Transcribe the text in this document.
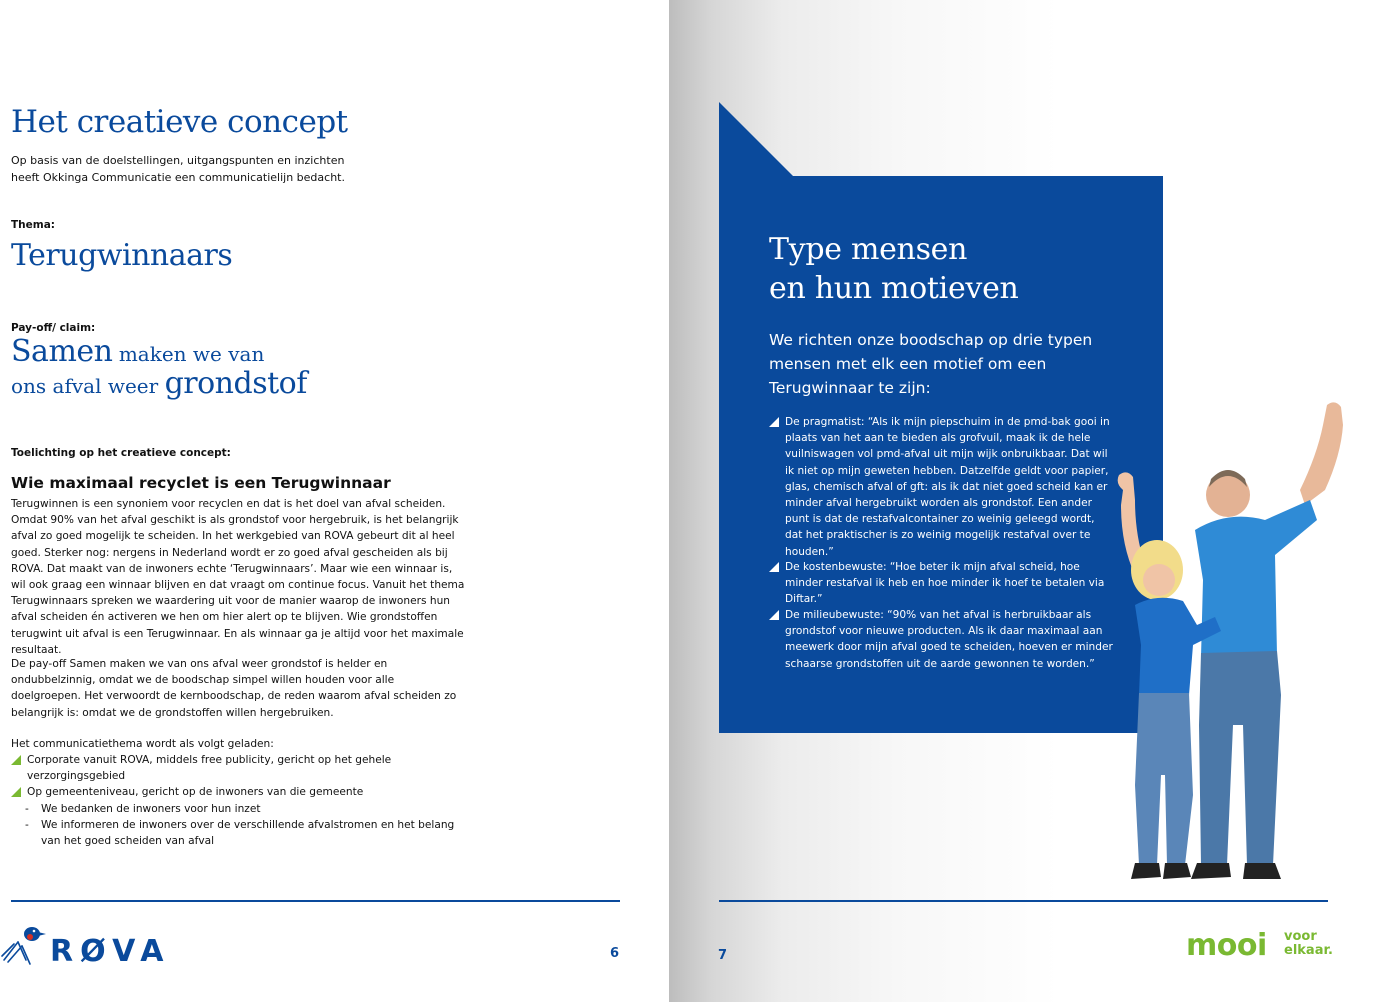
Het creatieve concept
Op basis van de doelstellingen, uitgangspunten en inzichten heeft Okkinga Communicatie een communicatielijn bedacht.
Thema:
Terugwinnaars
Pay-off/ claim:
Samen maken we van
ons afval weer grondstof
Toelichting op het creatieve concept:
Wie maximaal recyclet is een Terugwinnaar
Terugwinnen is een synoniem voor recyclen en dat is het doel van afval scheiden. Omdat 90% van het afval geschikt is als grondstof voor hergebruik, is het belangrijk afval zo goed mogelijk te scheiden. In het werkgebied van ROVA gebeurt dit al heel goed. Sterker nog: nergens in Nederland wordt er zo goed afval gescheiden als bij ROVA. Dat maakt van de inwoners echte ‘Terugwinnaars’. Maar wie een winnaar is, wil ook graag een winnaar blijven en dat vraagt om continue focus. Vanuit het thema Terugwinnaars spreken we waardering uit voor de manier waarop de inwoners hun afval scheiden én activeren we hen om hier alert op te blijven. Wie grondstoffen terugwint uit afval is een Terugwinnaar. En als winnaar ga je altijd voor het maximale resultaat.
De pay-off Samen maken we van ons afval weer grondstof is helder en ondubbelzinnig, omdat we de boodschap simpel willen houden voor alle doelgroepen. Het verwoordt de kernboodschap, de reden waarom afval scheiden zo belangrijk is: omdat we de grondstoffen willen hergebruiken.
Het communicatiethema wordt als volgt geladen:
Corporate vanuit ROVA, middels free publicity, gericht op het gehele verzorgingsgebied
Op gemeenteniveau, gericht op de inwoners van die gemeente
-	We bedanken de inwoners voor hun inzet
-	We informeren de inwoners over de verschillende afvalstromen en het belang van het goed scheiden van afval
RØVA	6
Type mensen
en hun motieven
We richten onze boodschap op drie typen mensen met elk een motief om een Terugwinnaar te zijn:
De pragmatist: “Als ik mijn piepschuim in de pmd-bak gooi in plaats van het aan te bieden als grofvuil, maak ik de hele vuilniswagen vol pmd-afval uit mijn wijk onbruikbaar. Dat wil ik niet op mijn geweten hebben. Datzelfde geldt voor papier, glas, chemisch afval of gft: als ik dat niet goed scheid kan er minder afval hergebruikt worden als grondstof. Een ander punt is dat de restafvalcontainer zo weinig geleegd wordt, dat het praktischer is zo weinig mogelijk restafval over te houden.”
De kostenbewuste: “Hoe beter ik mijn afval scheid, hoe minder restafval ik heb en hoe minder ik hoef te betalen via Diftar.”
De milieubewuste: “90% van het afval is herbruikbaar als grondstof voor nieuwe producten. Als ik daar maximaal aan meewerk door mijn afval goed te scheiden, hoeven er minder schaarse grondstoffen uit de aarde gewonnen te worden.”
7	mooi voor
elkaar.
